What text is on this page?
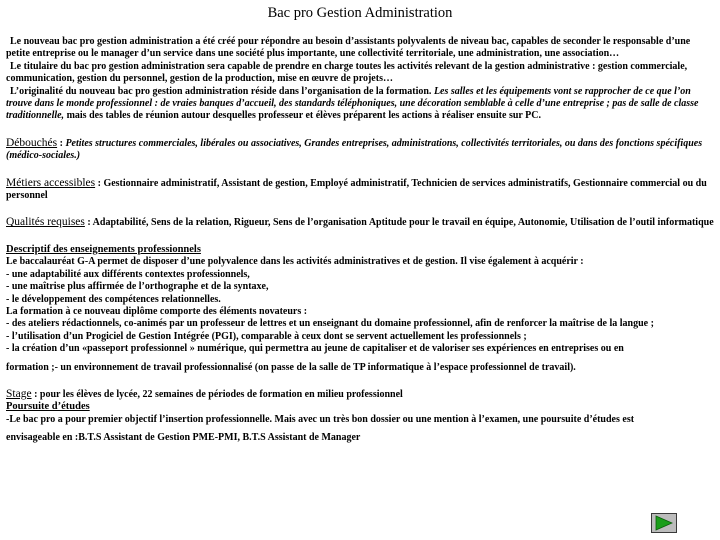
Bac pro Gestion Administration

Le nouveau bac pro gestion administration a été créé pour répondre au besoin d’assistants polyvalents de niveau bac, capables de seconder le responsable d’une petite entreprise ou le manager d’un service dans une société plus importante, une collectivité territoriale, une administration, une association…

Le titulaire du bac pro gestion administration sera capable de prendre en charge toutes les activités relevant de la gestion administrative : gestion commerciale, communication, gestion du personnel, gestion de la production, mise en œuvre de projets…

L’originalité du nouveau bac pro gestion administration réside dans l’organisation de la formation. Les salles et les équipements vont se rapprocher de ce que l’on trouve dans le monde professionnel : de vraies banques d’accueil, des standards téléphoniques, une décoration semblable à celle d’une entreprise ; pas de salle de classe traditionnelle, mais des tables de réunion autour desquelles professeur et élèves préparent les actions à réaliser ensuite sur PC.

Débouchés : Petites structures commerciales, libérales ou associatives, Grandes entreprises, administrations, collectivités territoriales, ou dans des fonctions spécifiques (médico-sociales.)
Métiers accessibles : Gestionnaire administratif, Assistant de gestion, Employé administratif, Technicien de services administratifs, Gestionnaire commercial ou du personnel
Qualités requises : Adaptabilité, Sens de la relation, Rigueur, Sens de l’organisation Aptitude pour le travail en équipe, Autonomie, Utilisation de l’outil informatique
Descriptif des enseignements professionnels
Le baccalauréat G-A permet de disposer d’une polyvalence dans les activités administratives et de gestion. Il vise également à acquérir :
- une adaptabilité aux différents contextes professionnels,
- une maîtrise plus affirmée de l’orthographe et de la syntaxe,
- le développement des compétences relationnelles.
La formation à ce nouveau diplôme comporte des éléments novateurs :
- des ateliers rédactionnels, co-animés par un professeur de lettres et un enseignant du domaine professionnel, afin de renforcer la maîtrise de la langue ;
- l’utilisation d’un Progiciel de Gestion Intégrée (PGI), comparable à ceux dont se servent actuellement les professionnels ;
- la création d’un «passeport professionnel » numérique, qui permettra au jeune de capitaliser et de valoriser ses expériences en entreprises ou en
formation ;- un environnement de travail professionnalisé (on passe de la salle de TP informatique à l’espace professionnel de travail).
Stage : pour les élèves de lycée, 22 semaines de périodes de formation en milieu professionnel
Poursuite d’études
-Le bac pro a pour premier objectif l’insertion professionnelle. Mais avec un très bon dossier ou une mention à l’examen, une poursuite d’études est
envisageable en :B.T.S Assistant de Gestion PME-PMI, B.T.S Assistant de Manager
